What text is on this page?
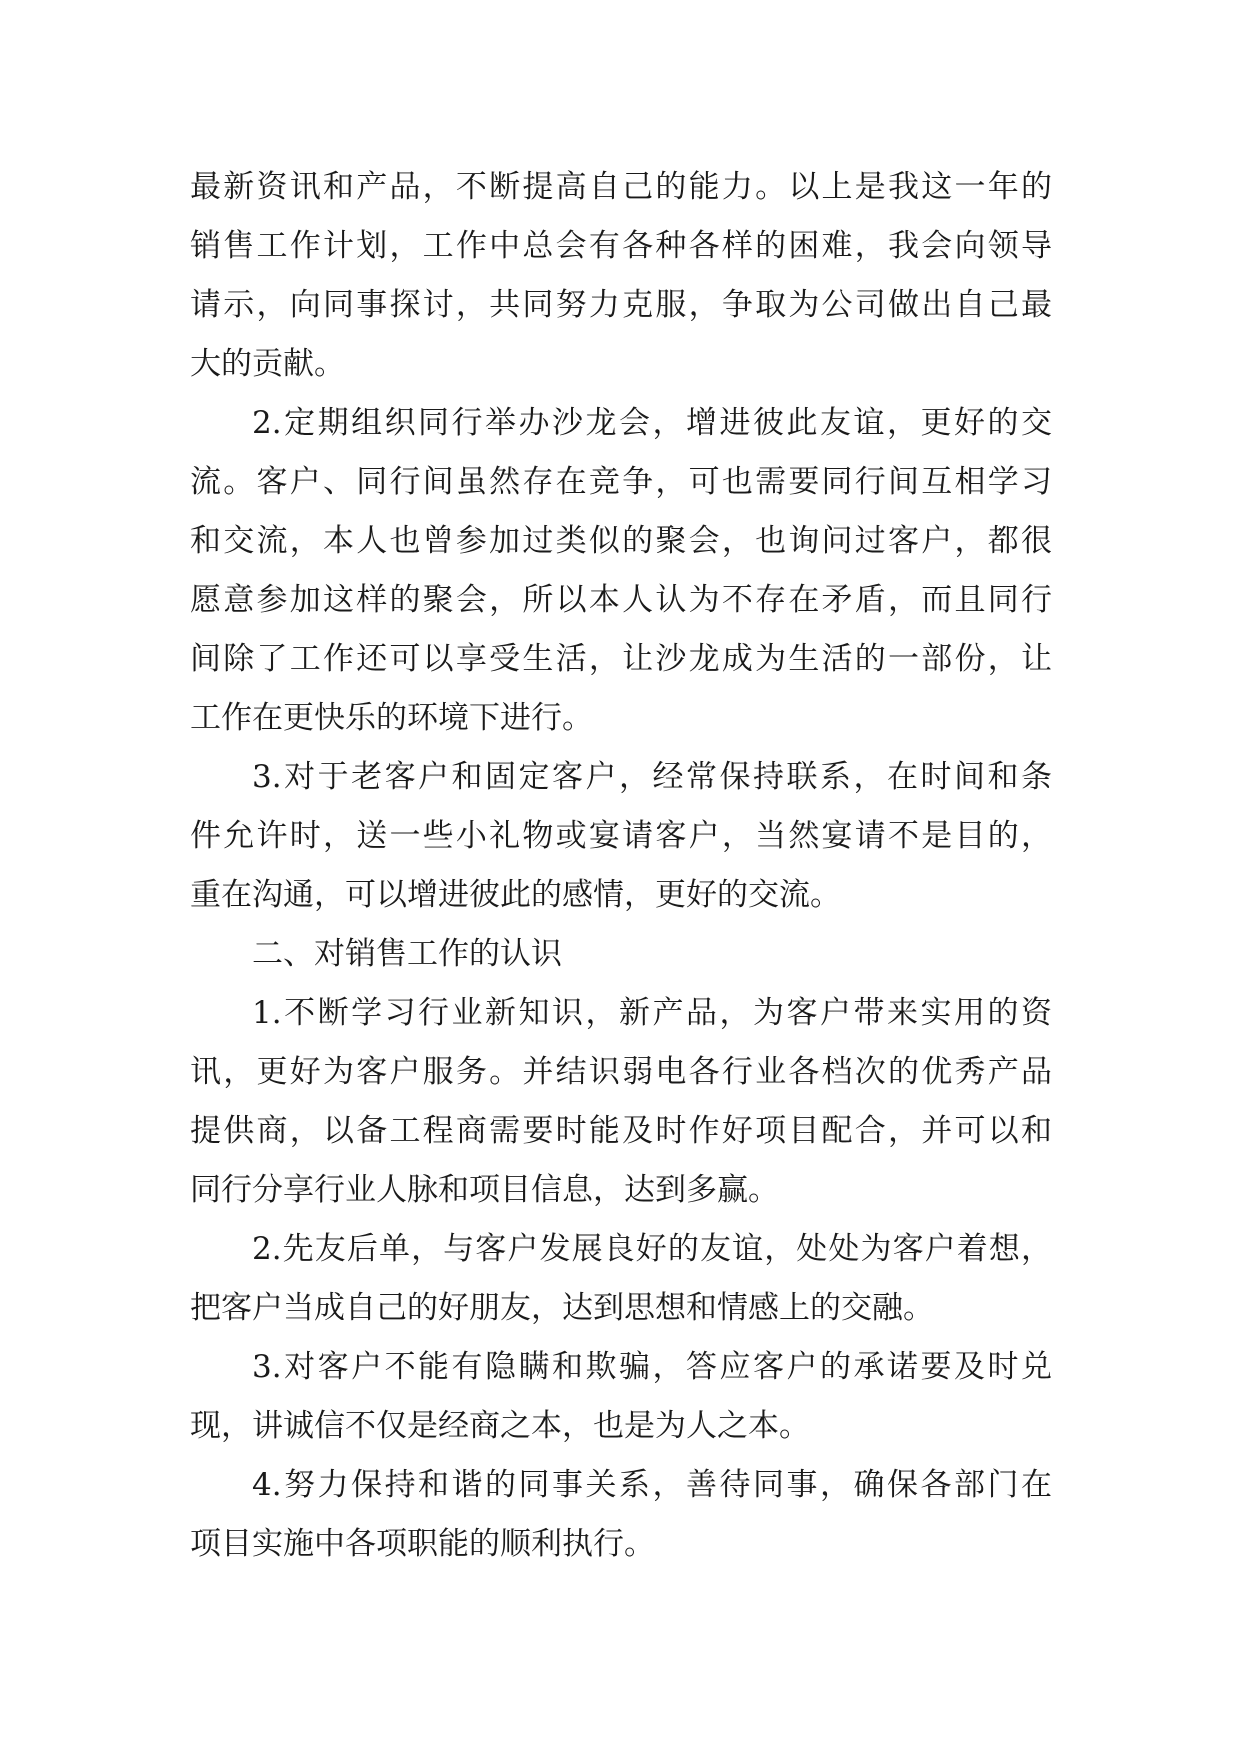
最新资讯和产品，不断提高自己的能力。以上是我这一年的
销售工作计划，工作中总会有各种各样的困难，我会向领导
请示，向同事探讨，共同努力克服，争取为公司做出自己最
大的贡献。
2.定期组织同行举办沙龙会，增进彼此友谊，更好的交
流。客户、同行间虽然存在竞争，可也需要同行间互相学习
和交流，本人也曾参加过类似的聚会，也询问过客户，都很
愿意参加这样的聚会，所以本人认为不存在矛盾，而且同行
间除了工作还可以享受生活，让沙龙成为生活的一部份，让
工作在更快乐的环境下进行。
3.对于老客户和固定客户，经常保持联系，在时间和条
件允许时，送一些小礼物或宴请客户，当然宴请不是目的，
重在沟通，可以增进彼此的感情，更好的交流。
二、对销售工作的认识
1.不断学习行业新知识，新产品，为客户带来实用的资
讯，更好为客户服务。并结识弱电各行业各档次的优秀产品
提供商，以备工程商需要时能及时作好项目配合，并可以和
同行分享行业人脉和项目信息，达到多赢。
2.先友后单，与客户发展良好的友谊，处处为客户着想，
把客户当成自己的好朋友，达到思想和情感上的交融。
3.对客户不能有隐瞒和欺骗，答应客户的承诺要及时兑
现，讲诚信不仅是经商之本，也是为人之本。
4.努力保持和谐的同事关系，善待同事，确保各部门在
项目实施中各项职能的顺利执行。
